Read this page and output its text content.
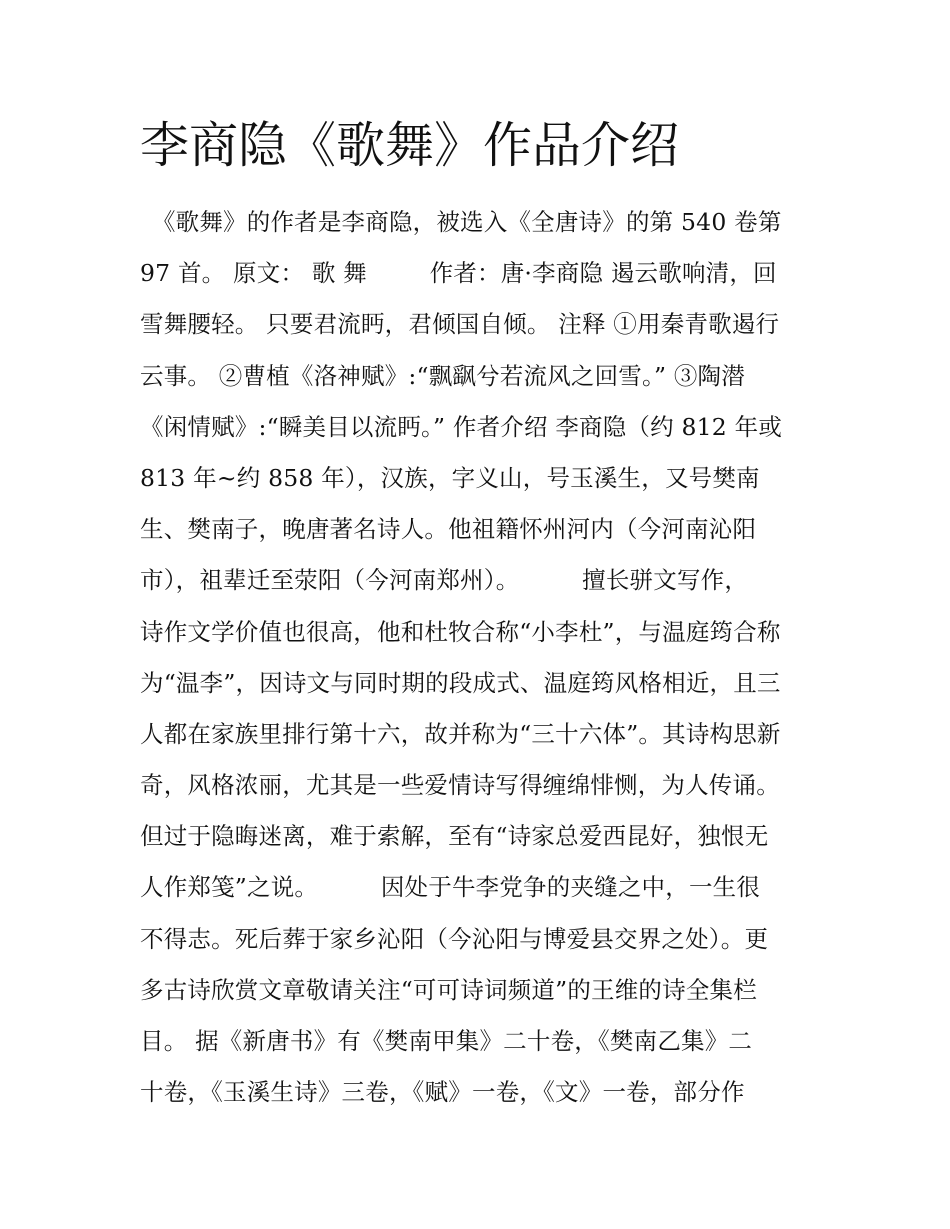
李商隐《歌舞》作品介绍
　《歌舞》的作者是李商隐，被选入《全唐诗》的第 540 卷第
97 首。 原文： 歌 舞 　　 作者：唐·李商隐 遏云歌响清，回
雪舞腰轻。 只要君流眄，君倾国自倾。 注释 ①用秦青歌遏行
云事。 ②曹植《洛神赋》:“飘飖兮若流风之回雪。” ③陶潜
《闲情赋》:“瞬美目以流眄。” 作者介绍 李商隐（约 812 年或
813 年~约 858 年），汉族，字义山，号玉溪生，又号樊南
生、樊南子，晚唐著名诗人。他祖籍怀州河内（今河南沁阳
市），祖辈迁至荥阳（今河南郑州）。 　　 擅长骈文写作，
诗作文学价值也很高，他和杜牧合称“小李杜”，与温庭筠合称
为“温李”，因诗文与同时期的段成式、温庭筠风格相近，且三
人都在家族里排行第十六，故并称为“三十六体”。其诗构思新
奇，风格浓丽，尤其是一些爱情诗写得缠绵悱恻，为人传诵。
但过于隐晦迷离，难于索解，至有“诗家总爱西昆好，独恨无
人作郑笺”之说。 　　 因处于牛李党争的夹缝之中，一生很
不得志。死后葬于家乡沁阳（今沁阳与博爱县交界之处）。更
多古诗欣赏文章敬请关注“可可诗词频道”的王维的诗全集栏
目。 据《新唐书》有《樊南甲集》二十卷，《樊南乙集》二
十卷，《玉溪生诗》三卷，《赋》一卷，《文》一卷，部分作
